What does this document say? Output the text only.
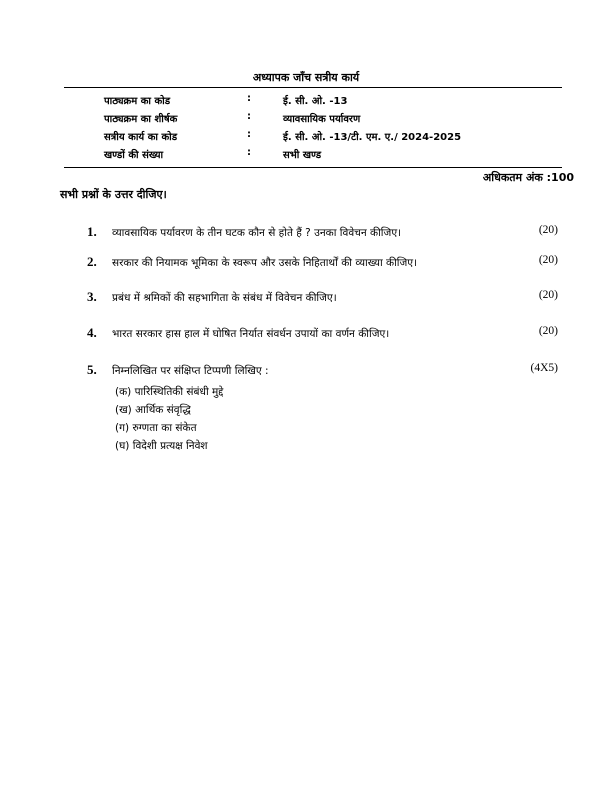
अध्यापक जाँच सत्रीय कार्य
पाठ्यक्रम का कोड	:	ई. सी. ओ. -13
पाठ्यक्रम का शीर्षक	:	व्यावसायिक पर्यावरण
सत्रीय कार्य का कोड	:	ई. सी. ओ. -13/टी. एम. ए./ 2024-2025
खण्डों की संख्या	:	सभी खण्ड
अधिकतम अंक :100
सभी प्रश्नों के उत्तर दीजिए।
1. व्यावसायिक पर्यावरण के तीन घटक कौन से होते हैं ? उनका विवेचन कीजिए।	(20)
2. सरकार की नियामक भूमिका के स्वरूप और उसके निहितार्थों की व्याख्या कीजिए।	(20)
3. प्रबंध में श्रमिकों की सहभागिता के संबंध में विवेचन कीजिए।	(20)
4. भारत सरकार हास हाल में घोषित निर्यात संवर्धन उपायों का वर्णन कीजिए।	(20)
5. निम्नलिखित पर संक्षिप्त टिप्पणी लिखिए :	(4X5)
(क) पारिस्थितिकी संबंधी मुद्दे
(ख) आर्थिक संवृद्धि
(ग) रुग्णता का संकेत
(घ) विदेशी प्रत्यक्ष निवेश
